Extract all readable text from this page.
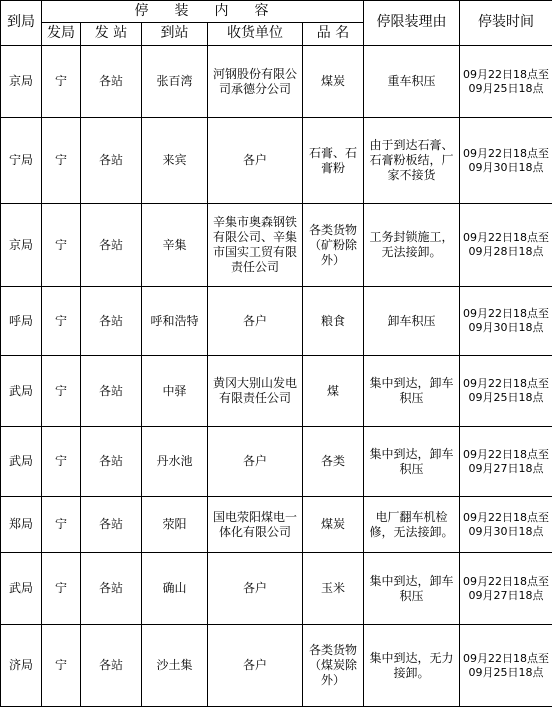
到局	停装内容					停限装理由	停装时间
	发局	发 站	到站	收货单位	品 名		
京局	宁	各站	张百湾	河钢股份有限公司承德分公司	煤炭	重车积压	09月22日18点至09月25日18点
宁局	宁	各站	来宾	各户	石膏、石膏粉	由于到达石膏、石膏粉板结，厂家不接货	09月22日18点至09月30日18点
京局	宁	各站	辛集	辛集市奥森钢铁有限公司、辛集市国实工贸有限责任公司	各类货物（矿粉除外）	工务封锁施工，无法接卸。	09月22日18点至09月28日18点
呼局	宁	各站	呼和浩特	各户	粮食	卸车积压	09月22日18点至09月30日18点
武局	宁	各站	中驿	黄冈大别山发电有限责任公司	煤	集中到达，卸车积压	09月22日18点至09月25日18点
武局	宁	各站	丹水池	各户	各类	集中到达，卸车积压	09月22日18点至09月27日18点
郑局	宁	各站	荥阳	国电荥阳煤电一体化有限公司	煤炭	电厂翻车机检修，无法接卸。	09月22日18点至09月30日18点
武局	宁	各站	确山	各户	玉米	集中到达，卸车积压	09月22日18点至09月27日18点
济局	宁	各站	沙土集	各户	各类货物（煤炭除外）	集中到达，无力接卸。	09月22日18点至09月25日18点
